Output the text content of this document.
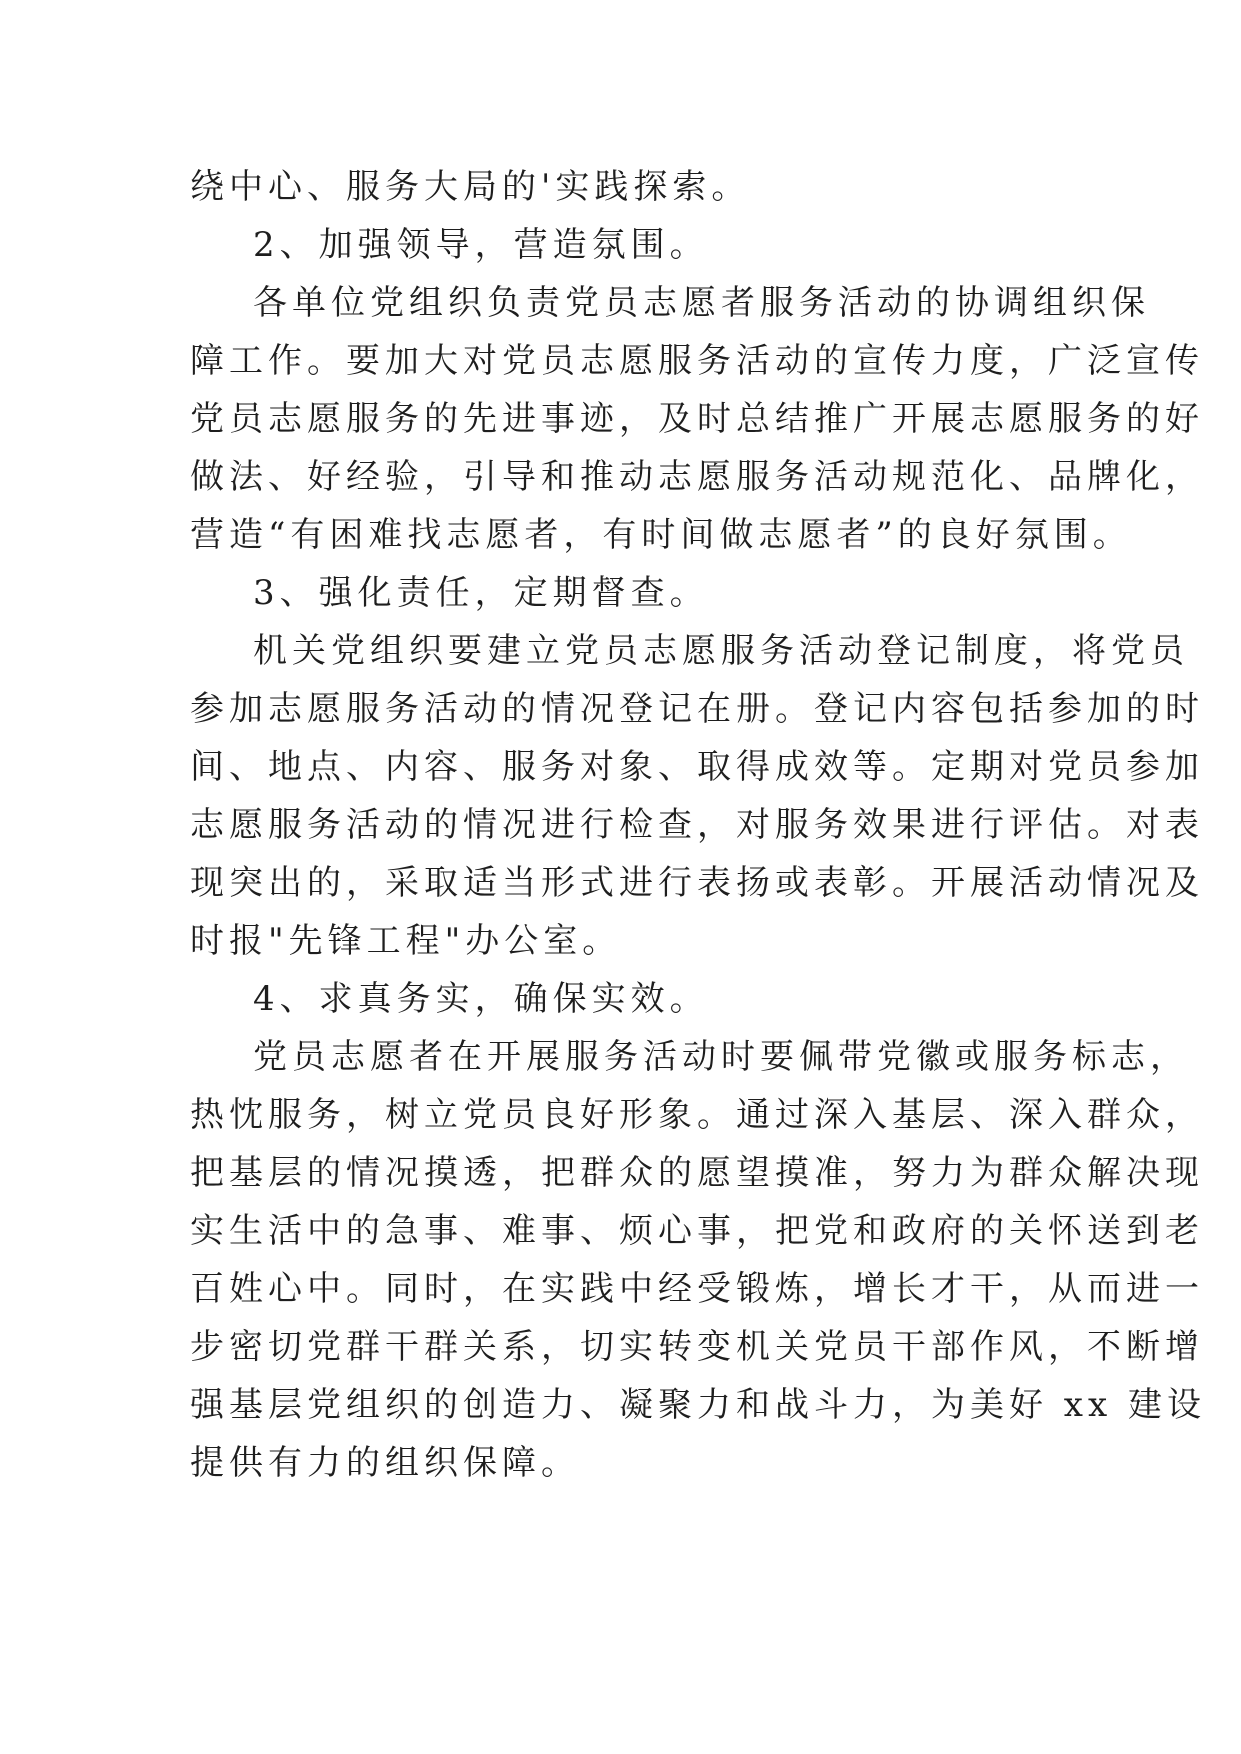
绕中心、服务大局的'实践探索。
2、加强领导，营造氛围。
各单位党组织负责党员志愿者服务活动的协调组织保
障工作。要加大对党员志愿服务活动的宣传力度，广泛宣传
党员志愿服务的先进事迹，及时总结推广开展志愿服务的好
做法、好经验，引导和推动志愿服务活动规范化、品牌化，
营造“有困难找志愿者，有时间做志愿者”的良好氛围。
3、强化责任，定期督查。
机关党组织要建立党员志愿服务活动登记制度，将党员
参加志愿服务活动的情况登记在册。登记内容包括参加的时
间、地点、内容、服务对象、取得成效等。定期对党员参加
志愿服务活动的情况进行检查，对服务效果进行评估。对表
现突出的，采取适当形式进行表扬或表彰。开展活动情况及
时报"先锋工程"办公室。
4、求真务实，确保实效。
党员志愿者在开展服务活动时要佩带党徽或服务标志，
热忱服务，树立党员良好形象。通过深入基层、深入群众，
把基层的情况摸透，把群众的愿望摸准，努力为群众解决现
实生活中的急事、难事、烦心事，把党和政府的关怀送到老
百姓心中。同时，在实践中经受锻炼，增长才干，从而进一
步密切党群干群关系，切实转变机关党员干部作风，不断增
强基层党组织的创造力、凝聚力和战斗力，为美好 xx 建设
提供有力的组织保障。
